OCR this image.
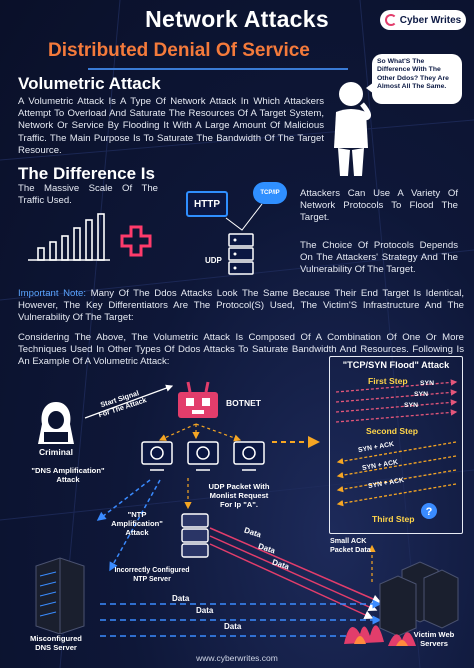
Network Attacks	Cyber Writes
Distributed Denial Of Service
So What'S The Difference With The Other Ddos? They Are Almost All The Same.
Volumetric Attack
A Volumetric Attack Is A Type Of Network Attack In Which Attackers Attempt To Overload And Saturate The Resources Of A Target System, Network Or Service By Flooding It With A Large Amount Of Malicious Traffic. The Main Purpose Is To Saturate The Bandwidth Of The Target Resource.
The Difference Is
The Massive Scale Of The Traffic Used.	HTTP
TCP/IP
UDP
Attackers Can Use A Variety Of Network Protocols To Flood The Target.
The Choice Of Protocols Depends On The Attackers' Strategy And The Vulnerability Of The Target.
Important Note: Many Of The Ddos Attacks Look The Same Because Their End Target Is Identical, However, The Key Differentiators Are The Protocol(S) Used, The Victim'S Infrastructure And The Vulnerability Of The Target:
Considering The Above, The Volumetric Attack Is Composed Of A Combination Of One Or More Techniques Used In Other Types Of Ddos Attacks To Saturate Bandwidth And Resources. Following Is An Example Of A Volumetric Attack:
Criminal
Start Signal
For The Attack	BOTNET
"DNS Amplification"
Attack
UDP Packet With
Monlist Request
For Ip "A".
"NTP
Amplification"
Attack
Incorrectly Configured
NTP Server
Data
Data
Data
Data
Data
Data
Small ACK
Packet Data
Misconfigured
DNS Server
Victim Web
Servers
"TCP/SYN Flood" Attack
First Step
Second Step
Third Step
SYN
SYN
SYN
SYN + ACK
SYN + ACK
SYN + ACK
?
www.cyberwrites.com
